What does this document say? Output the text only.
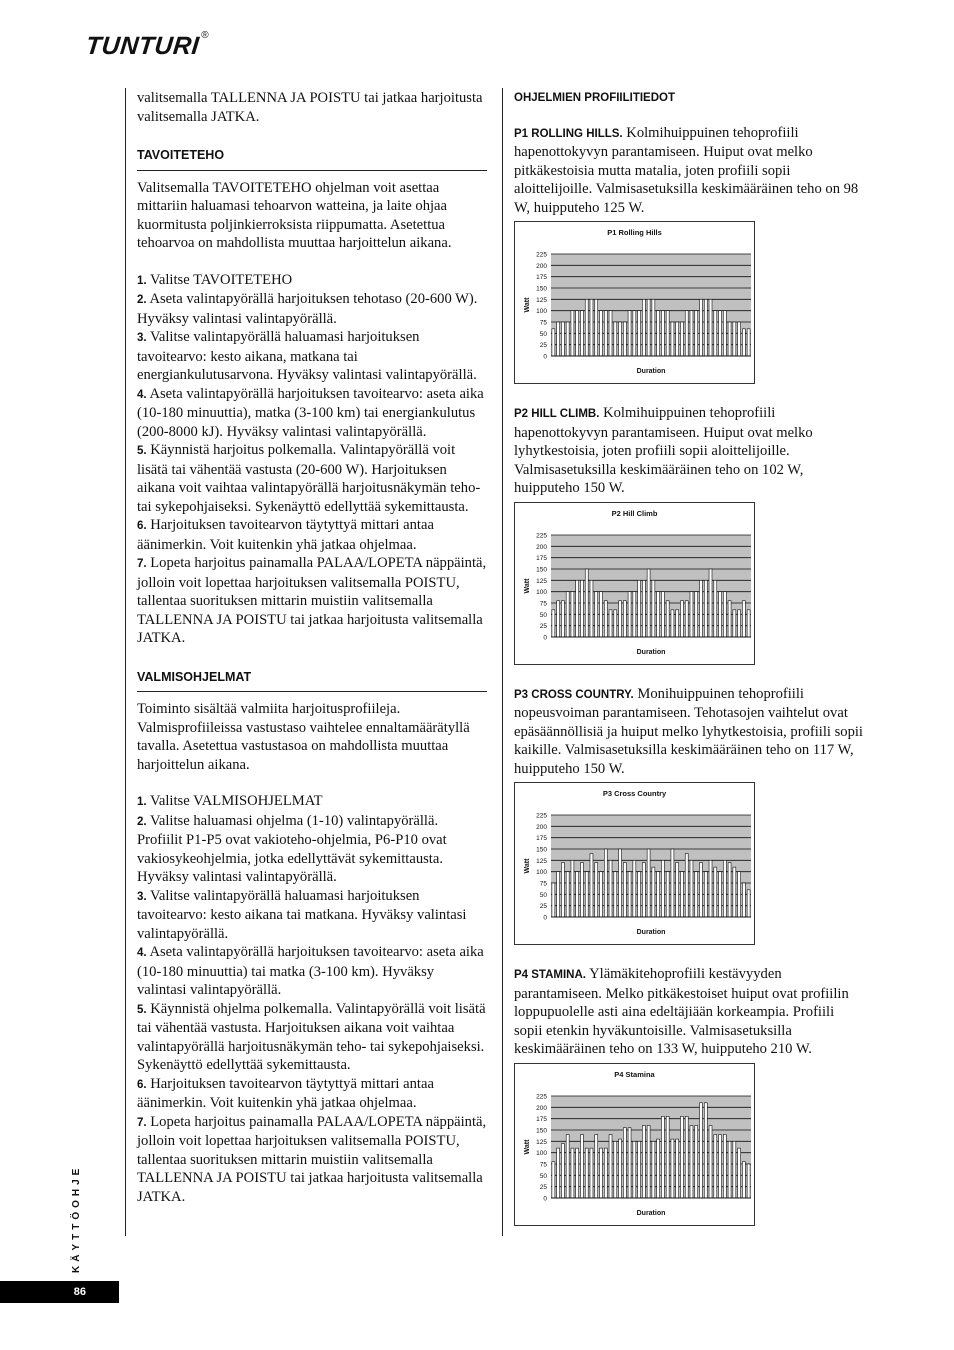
TUNTURI®

valitsemalla TALLENNA JA POISTU tai jatkaa harjoitusta valitsemalla JATKA.

TAVOITETEHO

Valitsemalla TAVOITETEHO ohjelman voit asettaa mittariin haluamasi tehoarvon watteina, ja laite ohjaa kuormitusta poljinkierroksista riippumatta. Asetettua tehoarvoa on mahdollista muuttaa harjoittelun aikana.

1. Valitse TAVOITETEHO

2. Aseta valintapyörällä harjoituksen tehotaso (20-600 W). Hyväksy valintasi valintapyörällä.

3. Valitse valintapyörällä haluamasi harjoituksen tavoitearvo: kesto aikana, matkana tai energiankulutusarvona. Hyväksy valintasi valintapyörällä.

4. Aseta valintapyörällä harjoituksen tavoitearvo: aseta aika (10-180 minuuttia), matka (3-100 km) tai energiankulutus (200-8000 kJ). Hyväksy valintasi valintapyörällä.

5. Käynnistä harjoitus polkemalla. Valintapyörällä voit lisätä tai vähentää vastusta (20-600 W). Harjoituksen aikana voit vaihtaa valintapyörällä harjoitusnäkymän teho- tai sykepohjaiseksi. Sykenäyttö edellyttää sykemittausta.

6. Harjoituksen tavoitearvon täytyttyä mittari antaa äänimerkin. Voit kuitenkin yhä jatkaa ohjelmaa.

7. Lopeta harjoitus painamalla PALAA/LOPETA näppäintä, jolloin voit lopettaa harjoituksen valitsemalla POISTU, tallentaa suorituksen mittarin muistiin valitsemalla TALLENNA JA POISTU tai jatkaa harjoitusta valitsemalla JATKA.

VALMISOHJELMAT

Toiminto sisältää valmiita harjoitusprofiileja. Valmisprofiileissa vastustaso vaihtelee ennaltamäärätyllä tavalla. Asetettua vastustasoa on mahdollista muuttaa harjoittelun aikana.

1. Valitse VALMISOHJELMAT

2. Valitse haluamasi ohjelma (1-10) valintapyörällä. Profiilit P1-P5 ovat vakioteho-ohjelmia, P6-P10 ovat vakiosykeohjelmia, jotka edellyttävät sykemittausta. Hyväksy valintasi valintapyörällä.

3. Valitse valintapyörällä haluamasi harjoituksen tavoitearvo: kesto aikana tai matkana. Hyväksy valintasi valintapyörällä.

4. Aseta valintapyörällä harjoituksen tavoitearvo: aseta aika (10-180 minuuttia) tai matka (3-100 km). Hyväksy valintasi valintapyörällä.

5. Käynnistä ohjelma polkemalla. Valintapyörällä voit lisätä tai vähentää vastusta. Harjoituksen aikana voit vaihtaa valintapyörällä harjoitusnäkymän teho- tai sykepohjaiseksi. Sykenäyttö edellyttää sykemittausta.

6. Harjoituksen tavoitearvon täytyttyä mittari antaa äänimerkin. Voit kuitenkin yhä jatkaa ohjelmaa.

7. Lopeta harjoitus painamalla PALAA/LOPETA näppäintä, jolloin voit lopettaa harjoituksen valitsemalla POISTU, tallentaa suorituksen mittarin muistiin valitsemalla TALLENNA JA POISTU tai jatkaa harjoitusta valitsemalla JATKA.

OHJELMIEN PROFIILITIEDOT

P1 ROLLING HILLS. Kolmihuippuinen tehoprofiili hapenottokyvyn parantamiseen. Huiput ovat melko pitkäkestoisia mutta matalia, joten profiili sopii aloittelijoille. Valmisasetuksilla keskimääräinen teho on 98 W, huipputeho 125 W.

P1 Rolling Hills
0
25
50
75
100
125
150
175
200
225
Watt
Duration

P2 HILL CLIMB. Kolmihuippuinen tehoprofiili hapenottokyvyn parantamiseen. Huiput ovat melko lyhytkestoisia, joten profiili sopii aloittelijoille. Valmisasetuksilla keskimääräinen teho on 102 W, huipputeho 150 W.

P2 Hill Climb
0
25
50
75
100
125
150
175
200
225
Watt
Duration

P3 CROSS COUNTRY. Monihuippuinen tehoprofiili nopeusvoiman parantamiseen. Tehotasojen vaihtelut ovat epäsäännöllisiä ja huiput melko lyhytkestoisia, profiili sopii kaikille. Valmisasetuksilla keskimääräinen teho on 117 W, huipputeho 150 W.

P3 Cross Country
0
25
50
75
100
125
150
175
200
225
Watt
Duration

P4 STAMINA. Ylämäkitehoprofiili kestävyyden parantamiseen. Melko pitkäkestoiset huiput ovat profiilin loppupuolelle asti aina edeltäjiään korkeampia. Profiili sopii etenkin hyväkuntoisille. Valmisasetuksilla keskimääräinen teho on 133 W, huipputeho 210 W.

P4 Stamina
0
25
50
75
100
125
150
175
200
225
Watt
Duration
KÄYTTÖOHJE
86
